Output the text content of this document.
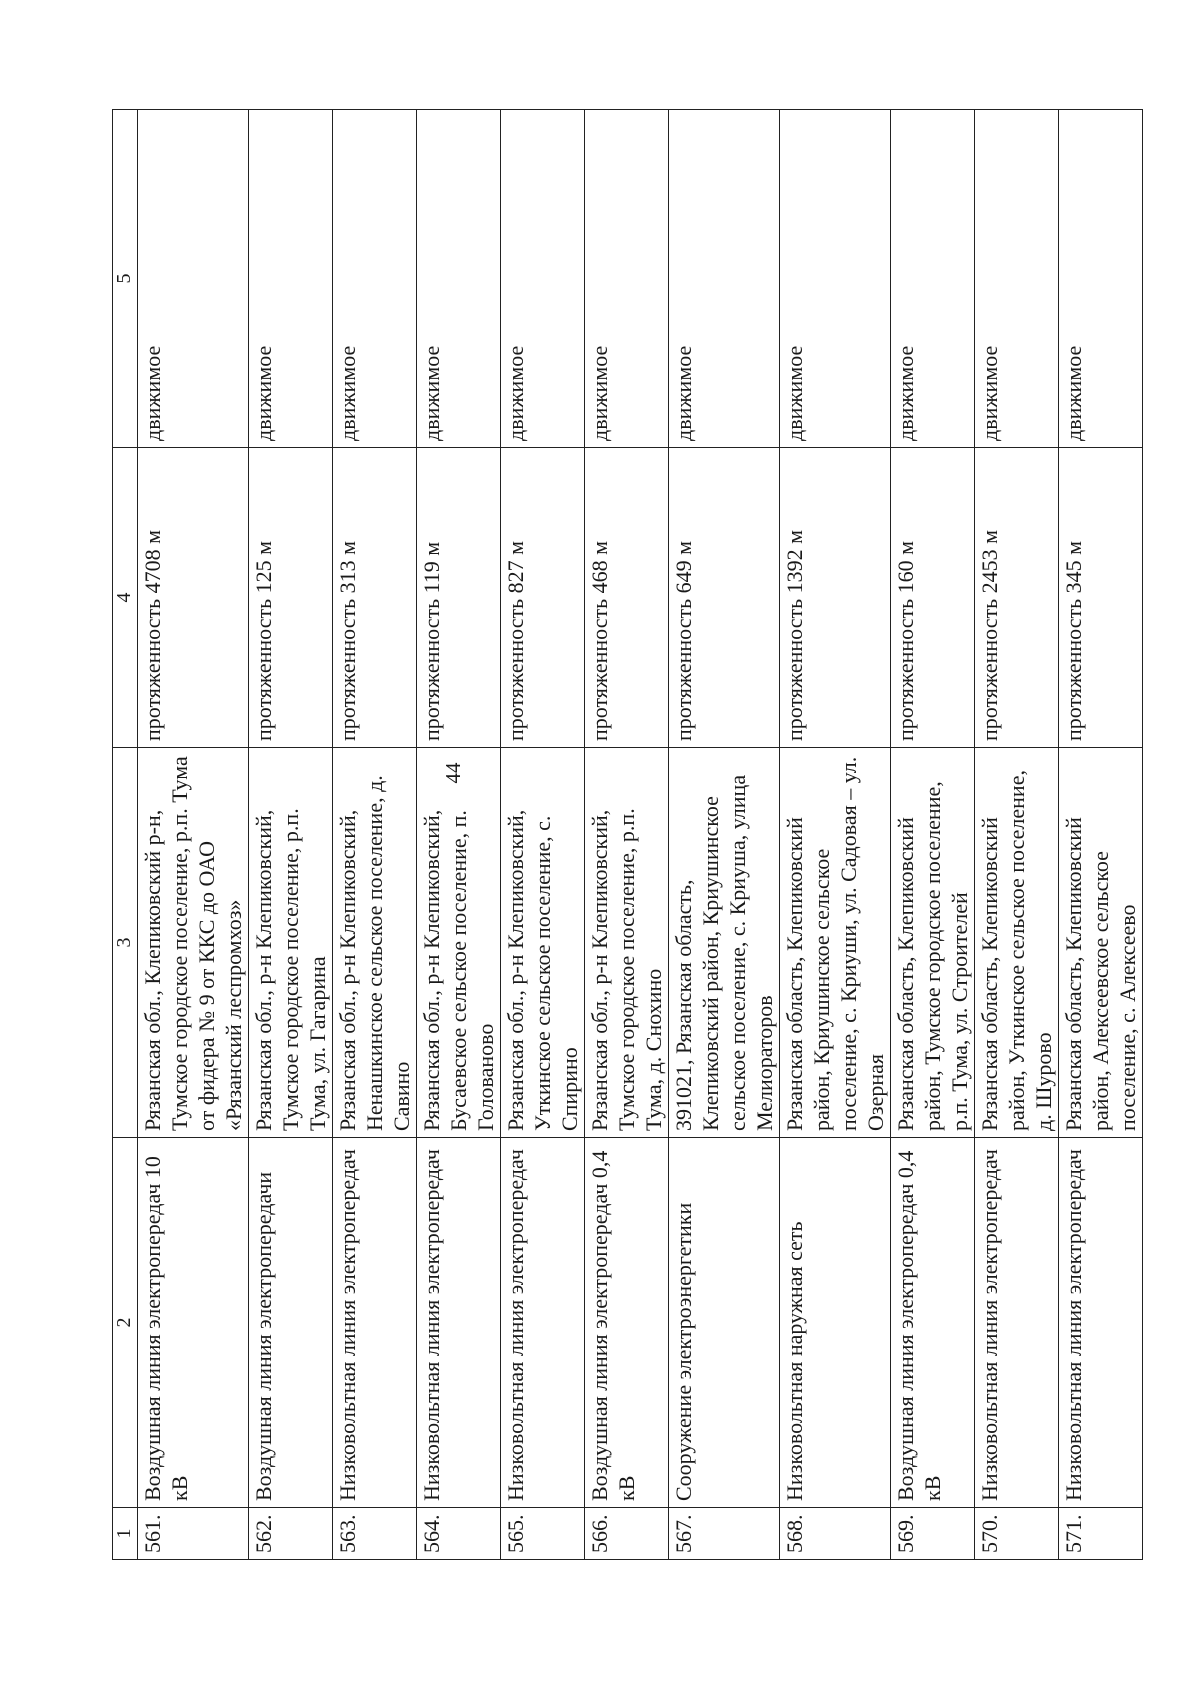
44
1	2	3	4	5
561.	Воздушная линия электропередач 10 кВ	Рязанская обл., Клепиковский р-н, Тумское городское поселение, р.п. Тума от фидера № 9 от ККС до ОАО «Рязанский леспромхоз»	протяженность 4708 м	движимое
562.	Воздушная линия электропередачи	Рязанская обл., р-н Клепиковский, Тумское городское поселение, р.п. Тума, ул. Гагарина	протяженность 125 м	движимое
563.	Низковольтная линия электропередач	Рязанская обл., р-н Клепиковский, Ненашкинское сельское поселение, д. Савино	протяженность 313 м	движимое
564.	Низковольтная линия электропередач	Рязанская обл., р-н Клепиковский, Бусаевское сельское поселение, п. Голованово	протяженность 119 м	движимое
565.	Низковольтная линия электропередач	Рязанская обл., р-н Клепиковский, Уткинское сельское поселение, с. Спирино	протяженность 827 м	движимое
566.	Воздушная линия электропередач 0,4 кВ	Рязанская обл., р-н Клепиковский, Тумское городское поселение, р.п. Тума, д. Снохино	протяженность 468 м	движимое
567.	Сооружение электроэнергетики	391021, Рязанская область, Клепиковский район, Криушинское сельское поселение, с. Криуша, улица Мелиораторов	протяженность 649 м	движимое
568.	Низковольтная наружная сеть	Рязанская область, Клепиковский район, Криушинское сельское поселение, с. Криуши, ул. Садовая – ул. Озерная	протяженность 1392 м	движимое
569.	Воздушная линия электропередач 0,4 кВ	Рязанская область, Клепиковский район, Тумское городское поселение, р.п. Тума, ул. Строителей	протяженность 160 м	движимое
570.	Низковольтная линия электропередач	Рязанская область, Клепиковский район, Уткинское сельское поселение, д. Шурово	протяженность 2453 м	движимое
571.	Низковольтная линия электропередач	Рязанская область, Клепиковский район, Алексеевское сельское поселение, с. Алексеево	протяженность 345 м	движимое
